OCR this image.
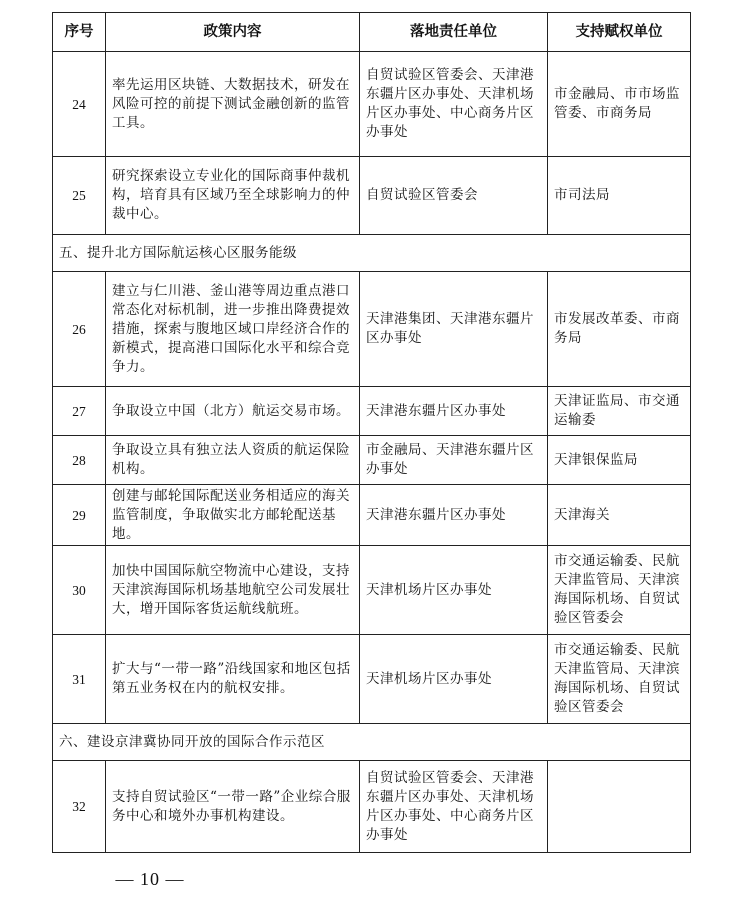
序号	政策内容	落地责任单位	支持赋权单位
24	率先运用区块链、大数据技术，研发在风险可控的前提下测试金融创新的监管工具。	自贸试验区管委会、天津港东疆片区办事处、天津机场片区办事处、中心商务片区办事处	市金融局、市市场监管委、市商务局
25	研究探索设立专业化的国际商事仲裁机构，培育具有区域乃至全球影响力的仲裁中心。	自贸试验区管委会	市司法局
五、提升北方国际航运核心区服务能级			
26	建立与仁川港、釜山港等周边重点港口常态化对标机制，进一步推出降费提效措施，探索与腹地区域口岸经济合作的新模式，提高港口国际化水平和综合竞争力。	天津港集团、天津港东疆片区办事处	市发展改革委、市商务局
27	争取设立中国（北方）航运交易市场。	天津港东疆片区办事处	天津证监局、市交通运输委
28	争取设立具有独立法人资质的航运保险机构。	市金融局、天津港东疆片区办事处	天津银保监局
29	创建与邮轮国际配送业务相适应的海关监管制度，争取做实北方邮轮配送基地。	天津港东疆片区办事处	天津海关
30	加快中国国际航空物流中心建设，支持天津滨海国际机场基地航空公司发展壮大，增开国际客货运航线航班。	天津机场片区办事处	市交通运输委、民航天津监管局、天津滨海国际机场、自贸试验区管委会
31	扩大与“一带一路”沿线国家和地区包括第五业务权在内的航权安排。	天津机场片区办事处	市交通运输委、民航天津监管局、天津滨海国际机场、自贸试验区管委会
六、建设京津冀协同开放的国际合作示范区			
32	支持自贸试验区“一带一路”企业综合服务中心和境外办事机构建设。	自贸试验区管委会、天津港东疆片区办事处、天津机场片区办事处、中心商务片区办事处	
— 10 —
